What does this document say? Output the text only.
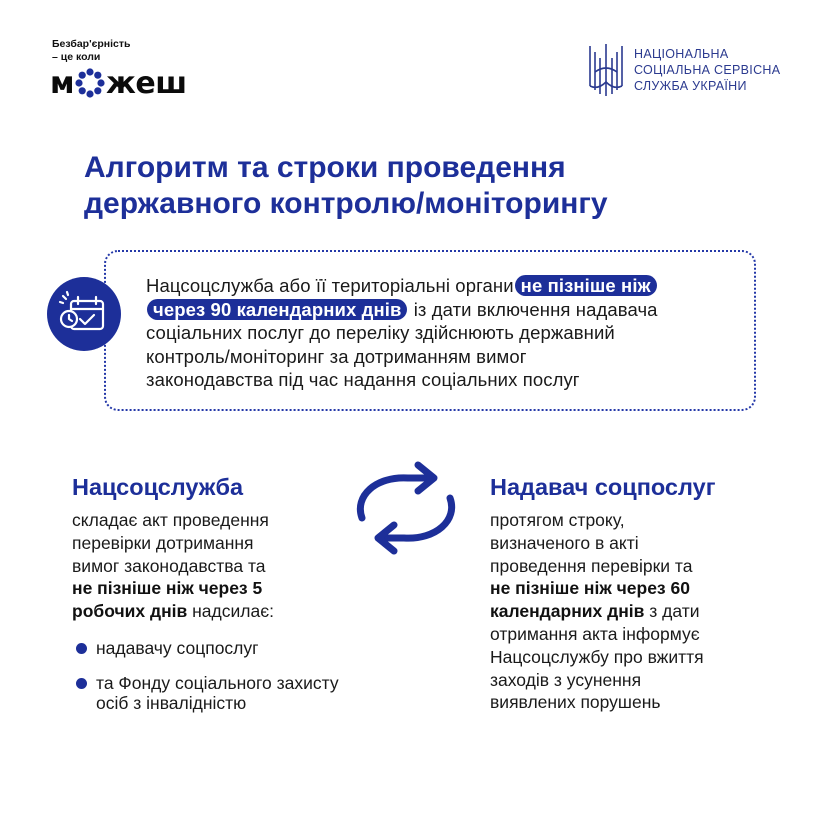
Безбар'єрність
– це коли
м жеш
НАЦІОНАЛЬНА
СОЦІАЛЬНА СЕРВІСНА
СЛУЖБА УКРАЇНИ
Алгоритм та строки проведення
державного контролю/моніторингу
Нацсоцслужба або її територіальні органи не пізніше ніж
через 90 календарних днів із дати включення надавача
соціальних послуг до переліку здійснюють державний
контроль/моніторинг за дотриманням вимог
законодавства під час надання соціальних послуг
Нацсоцслужба
складає акт проведення
перевірки дотримання
вимог законодавства та
не пізніше ніж через 5
робочих днів надсилає:
надавачу соцпослуг
та Фонду соціального захисту
осіб з інвалідністю
Надавач соцпослуг
протягом строку,
визначеного в акті
проведення перевірки та
не пізніше ніж через 60
календарних днів з дати
отримання акта інформує
Нацсоцслужбу про вжиття
заходів з усунення
виявлених порушень
